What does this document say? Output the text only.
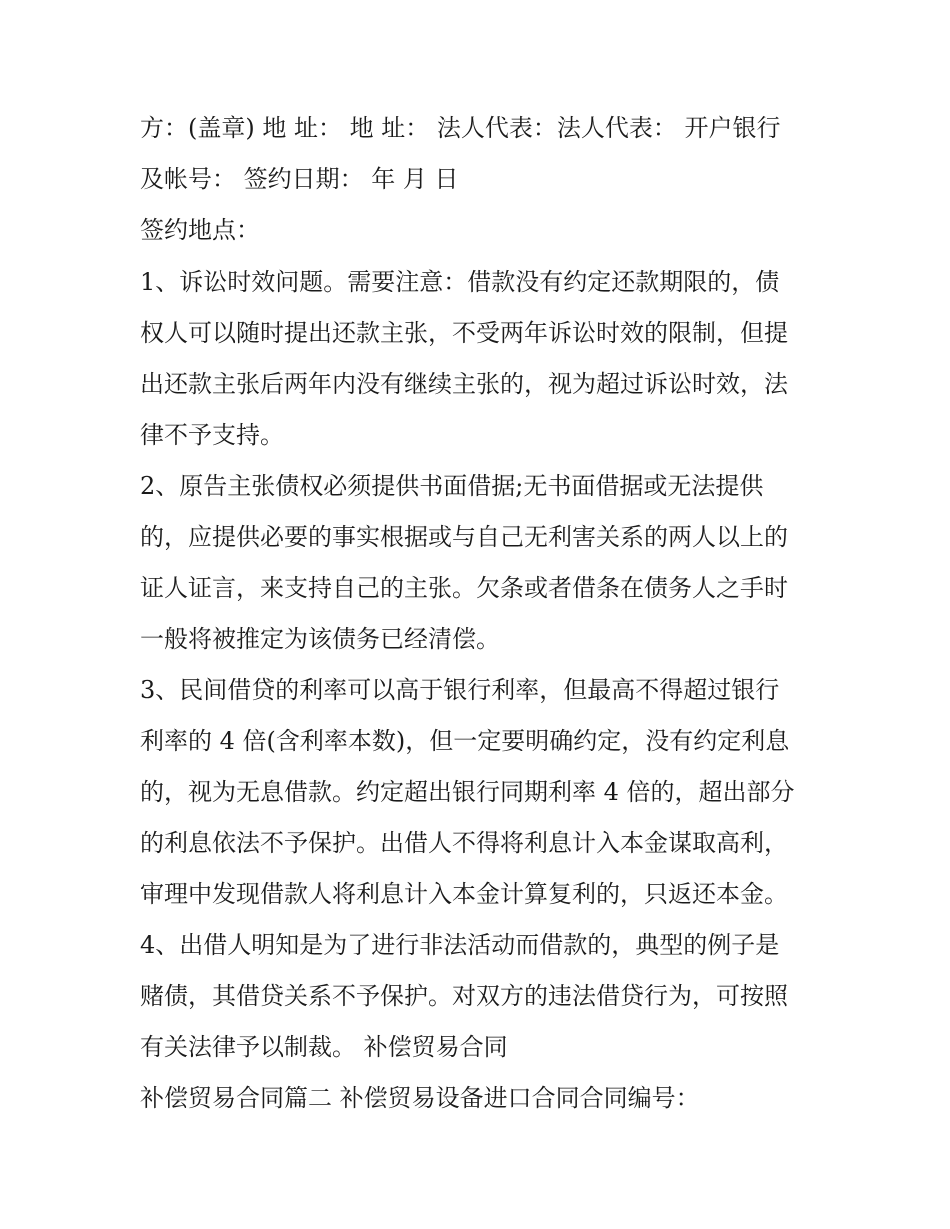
方：(盖章) 地 址： 地 址： 法人代表：法人代表： 开户银行
及帐号： 签约日期： 年 月 日
签约地点：
1、诉讼时效问题。需要注意：借款没有约定还款期限的，债
权人可以随时提出还款主张，不受两年诉讼时效的限制，但提
出还款主张后两年内没有继续主张的，视为超过诉讼时效，法
律不予支持。
2、原告主张债权必须提供书面借据;无书面借据或无法提供
的，应提供必要的事实根据或与自己无利害关系的两人以上的
证人证言，来支持自己的主张。欠条或者借条在债务人之手时
一般将被推定为该债务已经清偿。
3、民间借贷的利率可以高于银行利率，但最高不得超过银行
利率的 4 倍(含利率本数)，但一定要明确约定，没有约定利息
的，视为无息借款。约定超出银行同期利率 4 倍的，超出部分
的利息依法不予保护。出借人不得将利息计入本金谋取高利，
审理中发现借款人将利息计入本金计算复利的，只返还本金。
4、出借人明知是为了进行非法活动而借款的，典型的例子是
赌债，其借贷关系不予保护。对双方的违法借贷行为，可按照
有关法律予以制裁。 补偿贸易合同
补偿贸易合同篇二 补偿贸易设备进口合同合同编号：
